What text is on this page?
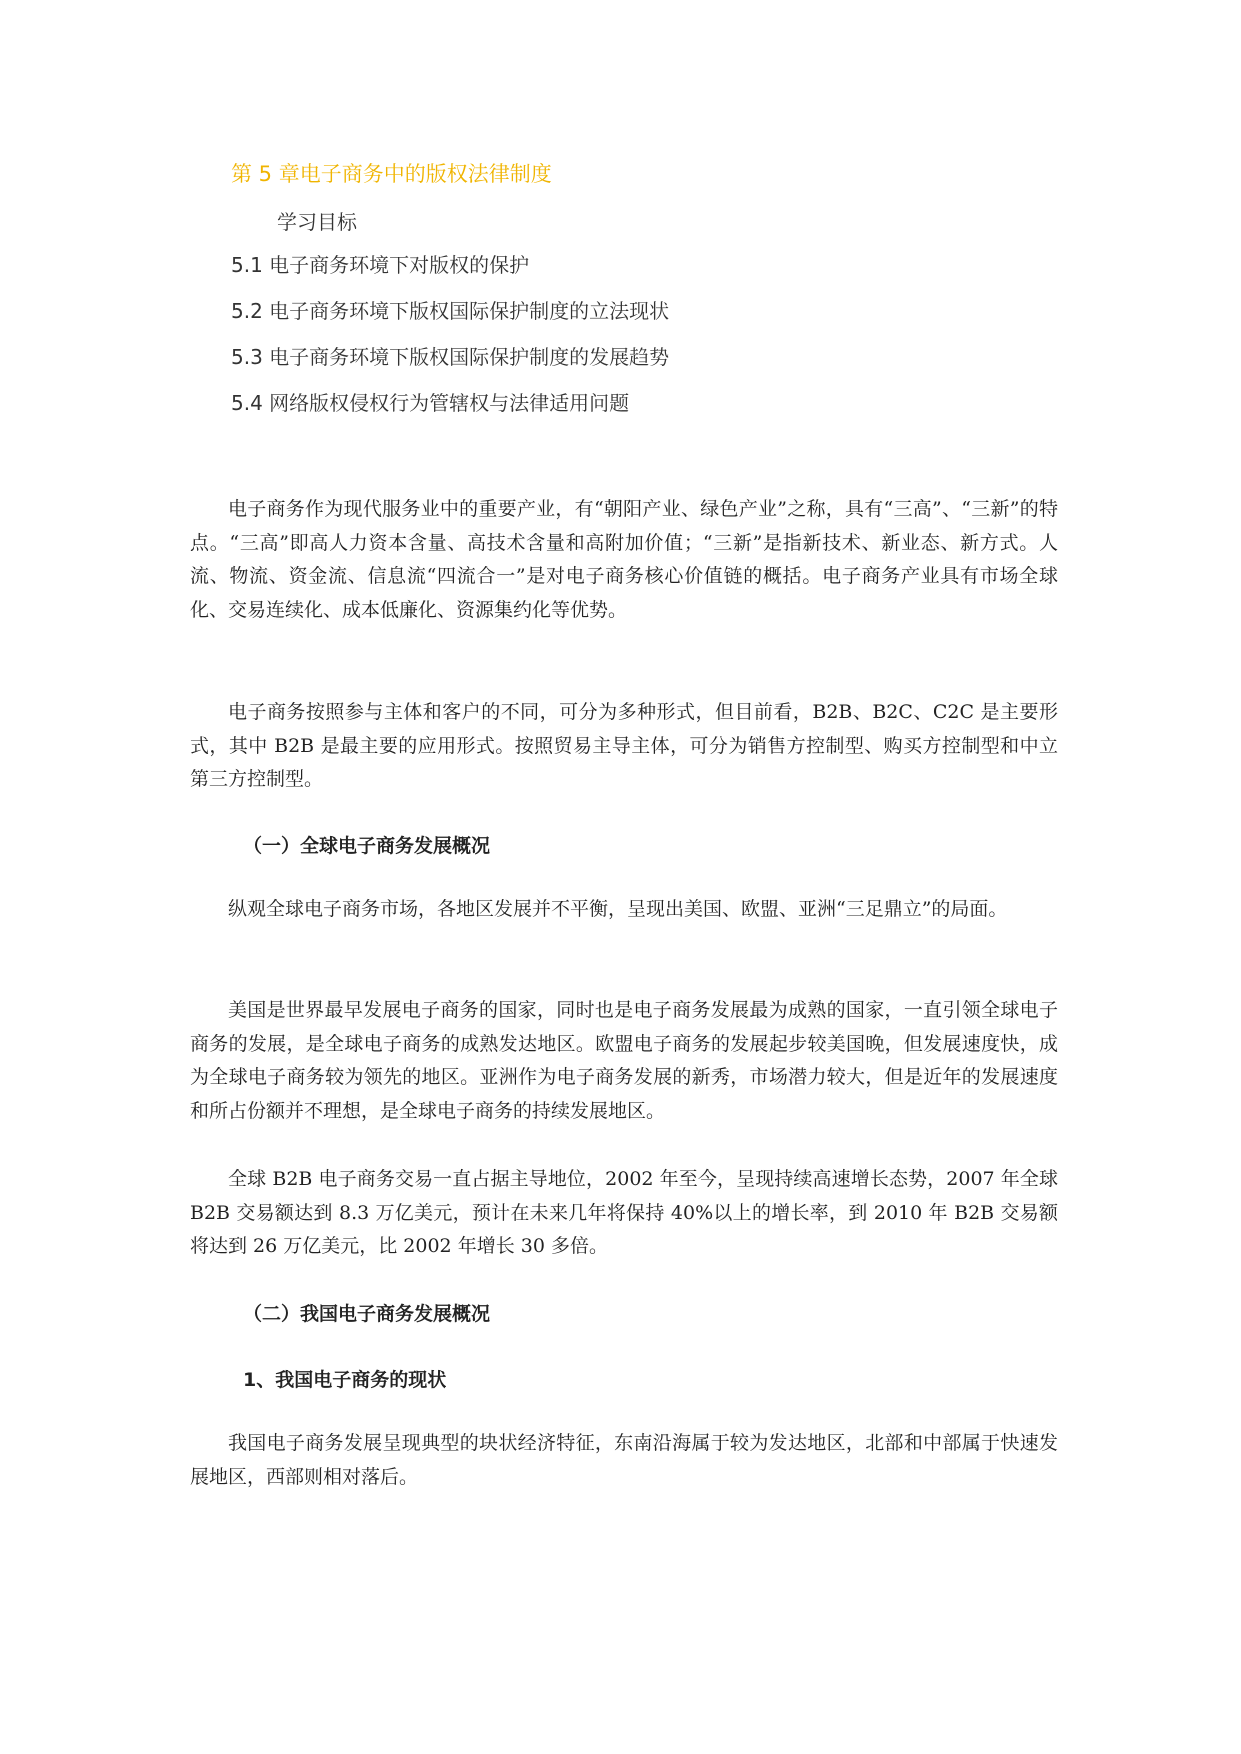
第 5 章电子商务中的版权法律制度
学习目标
5.1 电子商务环境下对版权的保护
5.2 电子商务环境下版权国际保护制度的立法现状
5.3 电子商务环境下版权国际保护制度的发展趋势
5.4 网络版权侵权行为管辖权与法律适用问题

电子商务作为现代服务业中的重要产业，有“朝阳产业、绿色产业”之称，具有“三高”、“三新”的特点。“三高”即高人力资本含量、高技术含量和高附加价值；“三新”是指新技术、新业态、新方式。人流、物流、资金流、信息流“四流合一”是对电子商务核心价值链的概括。电子商务产业具有市场全球化、交易连续化、成本低廉化、资源集约化等优势。

电子商务按照参与主体和客户的不同，可分为多种形式，但目前看，B2B、B2C、C2C 是主要形式，其中 B2B 是最主要的应用形式。按照贸易主导主体，可分为销售方控制型、购买方控制型和中立第三方控制型。

（一）全球电子商务发展概况

纵观全球电子商务市场，各地区发展并不平衡，呈现出美国、欧盟、亚洲“三足鼎立”的局面。

美国是世界最早发展电子商务的国家，同时也是电子商务发展最为成熟的国家，一直引领全球电子商务的发展，是全球电子商务的成熟发达地区。欧盟电子商务的发展起步较美国晚，但发展速度快，成为全球电子商务较为领先的地区。亚洲作为电子商务发展的新秀，市场潜力较大，但是近年的发展速度和所占份额并不理想，是全球电子商务的持续发展地区。

全球 B2B 电子商务交易一直占据主导地位，2002 年至今，呈现持续高速增长态势，2007 年全球 B2B 交易额达到 8.3 万亿美元，预计在未来几年将保持 40%以上的增长率，到 2010 年 B2B 交易额将达到 26 万亿美元，比 2002 年增长 30 多倍。

（二）我国电子商务发展概况

1、我国电子商务的现状

我国电子商务发展呈现典型的块状经济特征，东南沿海属于较为发达地区，北部和中部属于快速发展地区，西部则相对落后。
